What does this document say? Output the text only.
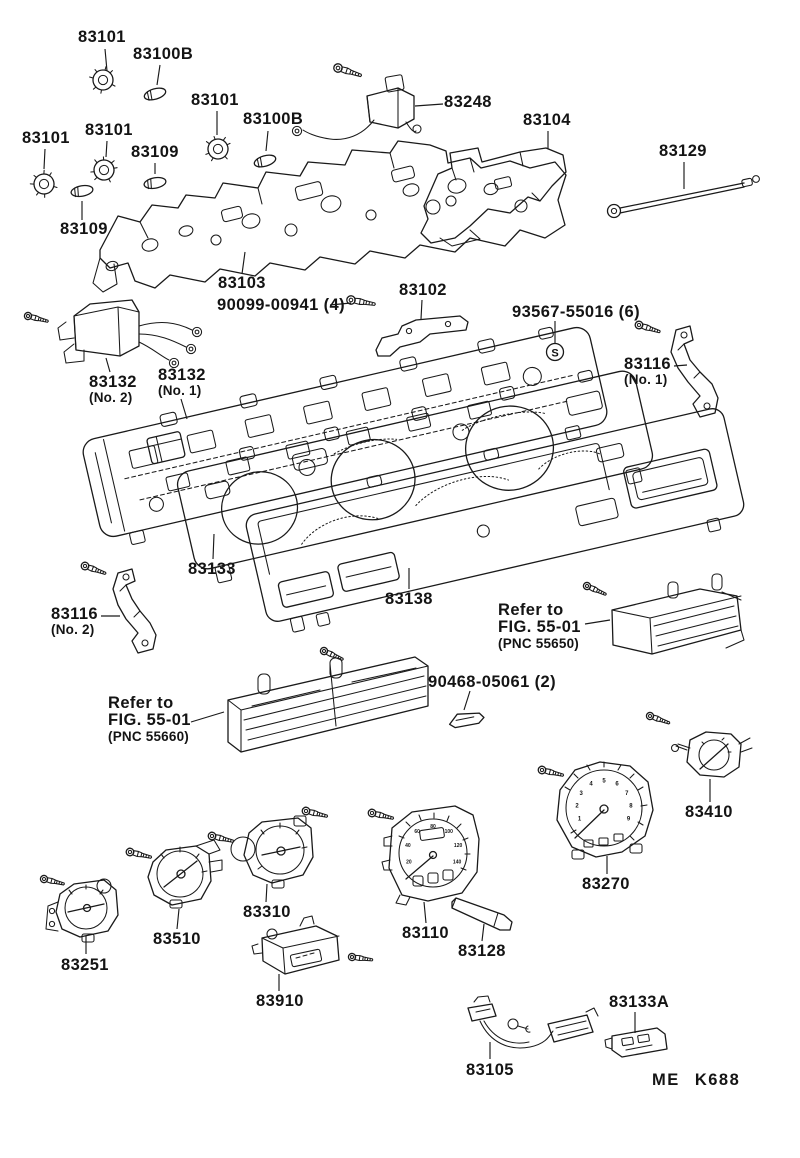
S
20
40
60
80
100
120
140
1
2
3
4
5
6
7
8
9
83101
83100B
83101
83100B
83101 83101
83109
83248
83104
83129
83109
83103
90099-00941 (4)
83102
93567-55016 (6)
83116
(No. 1)
83132
(No. 2)
83132
(No. 1)
83133
83138
83116
(No. 2)
Refer to
FIG. 55-01
(PNC 55650)
Refer to
FIG. 55-01
(PNC 55660)
90468-05061 (2)
83410
83270
83310
83110
83128
83510
83251
83910
83105
83133A
ME K688
